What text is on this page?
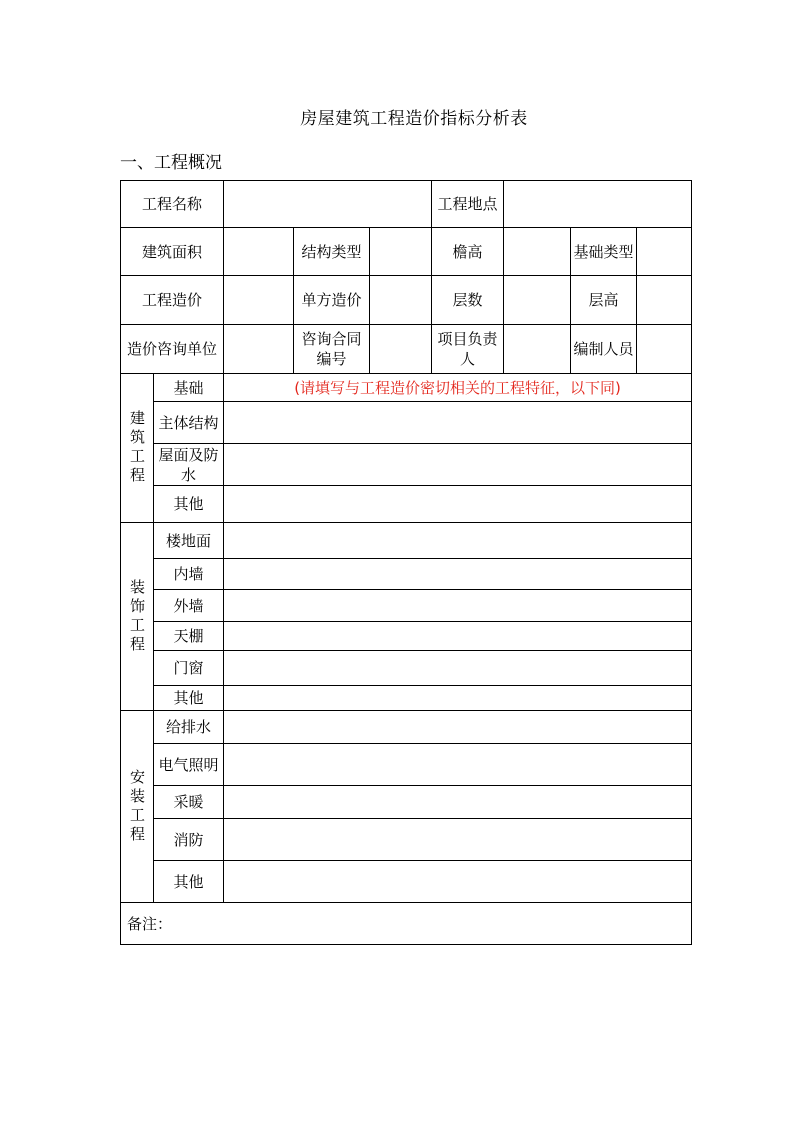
房屋建筑工程造价指标分析表
一、工程概况
工程名称					工程地点			
建筑面积			结构类型		檐高		基础类型	
工程造价			单方造价		层数		层高	
造价咨询单位			咨询合同编号		项目负责人		编制人员	

建筑工程	基础	(请填写与工程造价密切相关的工程特征，以下同)						
	主体结构							
	屋面及防水							
	其他							

装饰工程	楼地面							
	内墙							
	外墙							
	天棚							
	门窗							
	其他							

安装工程	给排水							
	电气照明							
	采暖							
	消防							
	其他							
备注：								
